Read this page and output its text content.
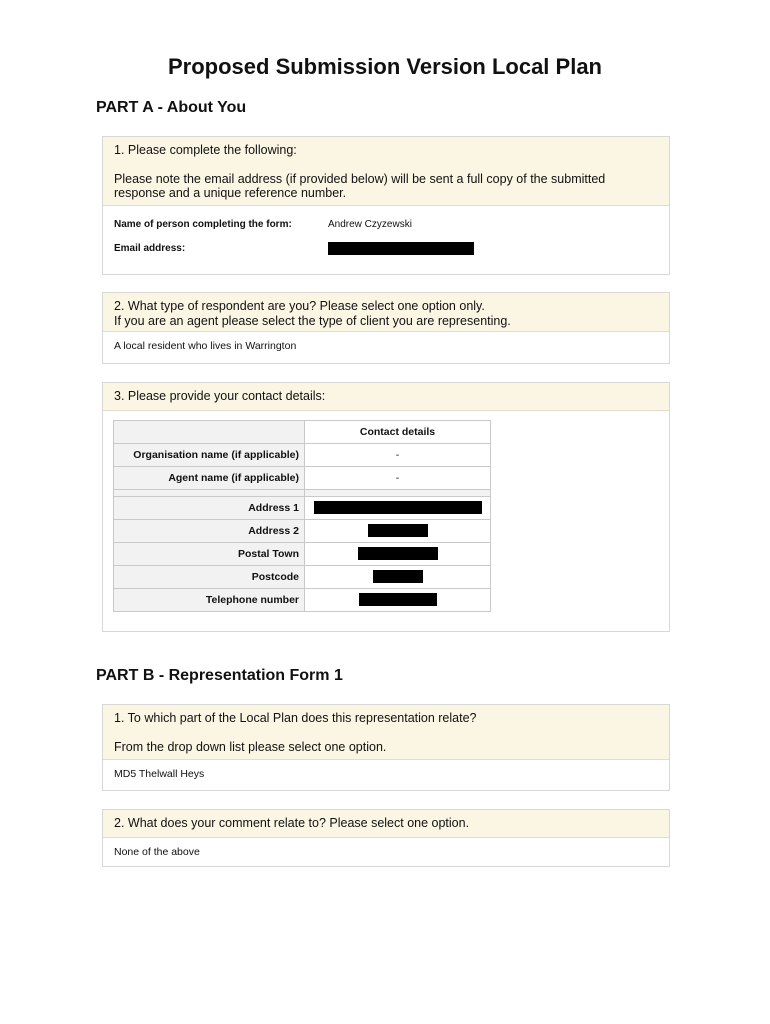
Proposed Submission Version Local Plan
PART A - About You

1. Please complete the following:

Please note the email address (if provided below) will be sent a full copy of the submitted response and a unique reference number.

Name of person completing the form:	Andrew Czyzewski
Email address:

2. What type of respondent are you? Please select one option only.

If you are an agent please select the type of client you are representing.

A local resident who lives in Warrington

3. Please provide your contact details:

	Contact details
Organisation name (if applicable)	-
Agent name (if applicable)	-

Address 1	
Address 2	
Postal Town	
Postcode	
Telephone number	
PART B - Representation Form 1

1. To which part of the Local Plan does this representation relate?

From the drop down list please select one option.

MD5 Thelwall Heys

2. What does your comment relate to? Please select one option.

None of the above
